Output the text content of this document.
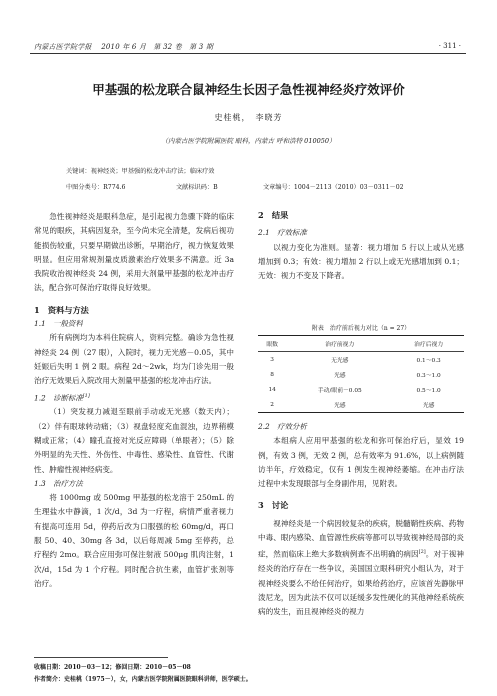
内蒙古医学院学报　 2010 年 6 月　第 32 卷　第 3 期	· 311 ·
甲基强的松龙联合鼠神经生长因子急性视神经炎疗效评价
史桂桃，　李晓芳
（内蒙古医学院附属医院 眼科，内蒙古 呼和浩特 010050）
关键词：视神经炎；甲基强的松龙冲击疗法；临床疗效
中图分类号：R774.6	文献标识码：B	文章编号：1004－2113（2010）03－0311－02
急性视神经炎是眼科急症，是引起视力急骤下降的临床常见的眼疾，其病因复杂，至今尚未完全清楚，发病后视功能损伤较重，只要早期做出诊断，早期治疗，视力恢复效果明显。但应用常规剂量皮质激素治疗效果多不满意。近 3a 我院收治视神经炎 24 例，采用大剂量甲基强的松龙冲击疗法，配合弥可保治疗取得良好效果。
1　资料与方法
1.1　一般资料
所有病例均为本科住院病人，资料完整。确诊为急性视神经炎 24 例（27 眼），入院时，视力无光感－0.05，其中妊娠后失明 1 例 2 眼。病程 2d～2wk，均为门诊先用一般治疗无效果后入院改用大剂量甲基强的松龙冲击疗法。
1.2　诊断标准[1]
（1）突发视力减退至眼前手动或无光感（数天内）；（2）伴有眼球转动痛；（3）视盘轻度充血混浊，边界稍模糊或正常；（4）瞳孔直接对光反应障碍（单眼者）；（5）除外明显的先天性、外伤性、中毒性、感染性、血管性、代谢性、肿瘤性视神经病变。
1.3　治疗方法
将 1000mg 或 500mg 甲基强的松龙溶于 250mL 的生理盐水中静滴，1 次/d，3d 为一疗程，病情严重者视力有提高可连用 5d，停药后改为口服强的松 60mg/d，再口服 50、40、30mg 各 3d，以后每周减 5mg 至停药，总疗程约 2mo。联合应用弥可保注射液 500μg 肌肉注射，1 次/d，15d 为 1 个疗程。同时配合抗生素，血管扩张剂等治疗。
2　结果
2.1　疗效标准
以视力变化为准则。显著：视力增加 5 行以上或从光感增加到 0.3；有效：视力增加 2 行以上或无光感增加到 0.1；无效：视力不变及下降者。
附表　治疗前后视力对比（n = 27）
眼数	治疗前视力	治疗后视力
3	无光感	0.1～0.3
8	光感	0.3～1.0
14	手动/眼前－0.05	0.5～1.0
2	光感	光感
2.2　疗效分析
本组病人应用甲基强的松龙和弥可保治疗后，显效 19 例，有效 3 例，无效 2 例，总有效率为 91.6%，以上病例随访半年，疗效稳定，仅有 1 例发生视神经萎缩。在冲击疗法过程中未发现眼部与全身副作用，见附表。
3　讨论
视神经炎是一个病因较复杂的疾病，脱髓鞘性疾病、药物中毒、眼内感染、血管源性疾病等都可以导致视神经局部的炎症，然而临床上绝大多数病例查不出明确的病因[2]。对于视神经炎的治疗存在一些争议，美国国立眼科研究小组认为，对于视神经炎要么不给任何治疗，如果给药治疗，应该首先静脉甲泼尼龙，因为此法不仅可以延缓多发性硬化的其他神经系统疾病的发生，而且视神经炎的视力
收稿日期：2010－03－12；修回日期：2010－05－08
作者简介：史桂桃（1975－），女，内蒙古医学院附属医院眼科讲师，医学硕士。
